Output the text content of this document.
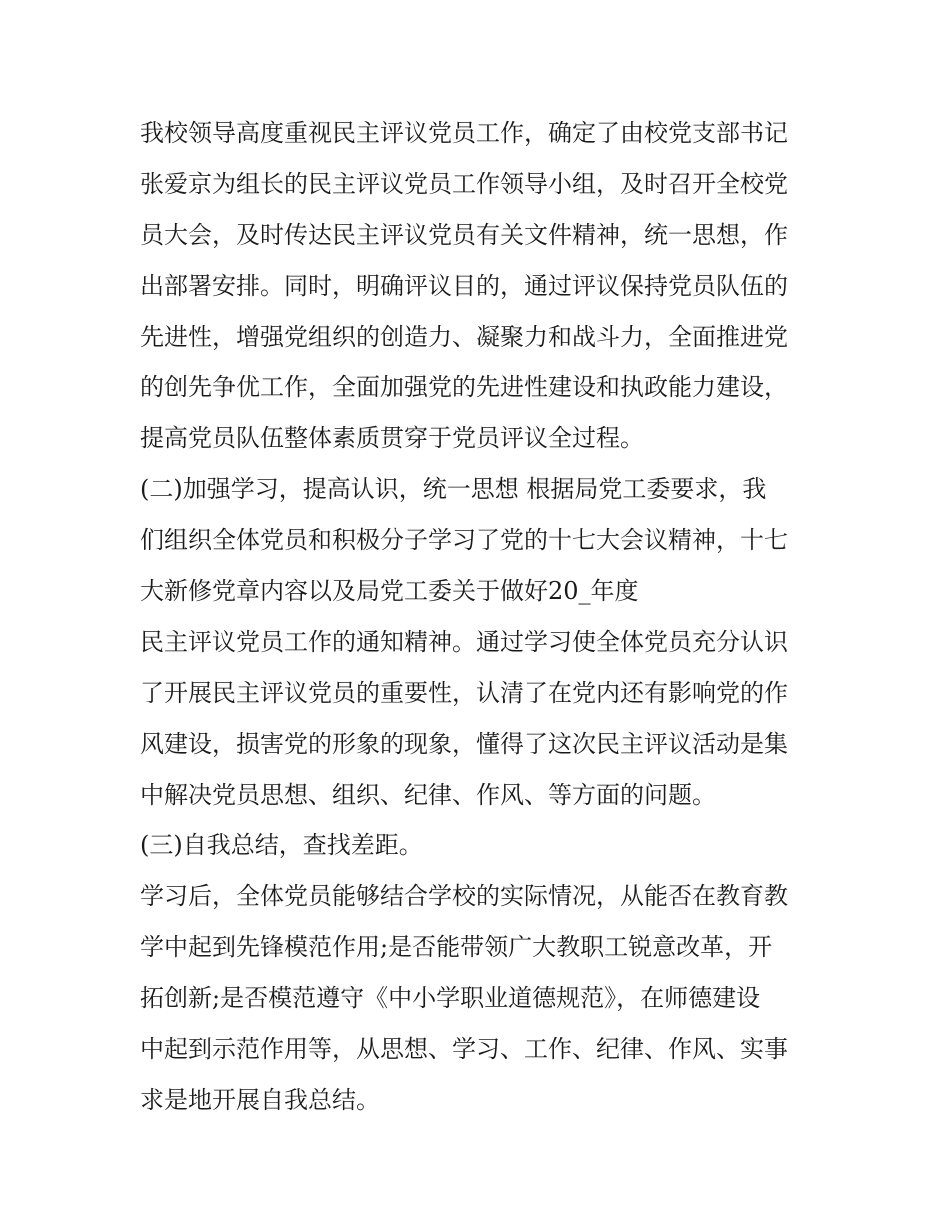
我校领导高度重视民主评议党员工作，确定了由校党支部书记
张爱京为组长的民主评议党员工作领导小组，及时召开全校党
员大会，及时传达民主评议党员有关文件精神，统一思想，作
出部署安排。同时，明确评议目的，通过评议保持党员队伍的
先进性，增强党组织的创造力、凝聚力和战斗力，全面推进党
的创先争优工作，全面加强党的先进性建设和执政能力建设，
提高党员队伍整体素质贯穿于党员评议全过程。
(二)加强学习，提高认识，统一思想 根据局党工委要求，我
们组织全体党员和积极分子学习了党的十七大会议精神，十七
大新修党章内容以及局党工委关于做好20_年度
民主评议党员工作的通知精神。通过学习使全体党员充分认识
了开展民主评议党员的重要性，认清了在党内还有影响党的作
风建设，损害党的形象的现象，懂得了这次民主评议活动是集
中解决党员思想、组织、纪律、作风、等方面的问题。
(三)自我总结，查找差距。
学习后，全体党员能够结合学校的实际情况，从能否在教育教
学中起到先锋模范作用;是否能带领广大教职工锐意改革，开
拓创新;是否模范遵守《中小学职业道德规范》，在师德建设
中起到示范作用等，从思想、学习、工作、纪律、作风、实事
求是地开展自我总结。
